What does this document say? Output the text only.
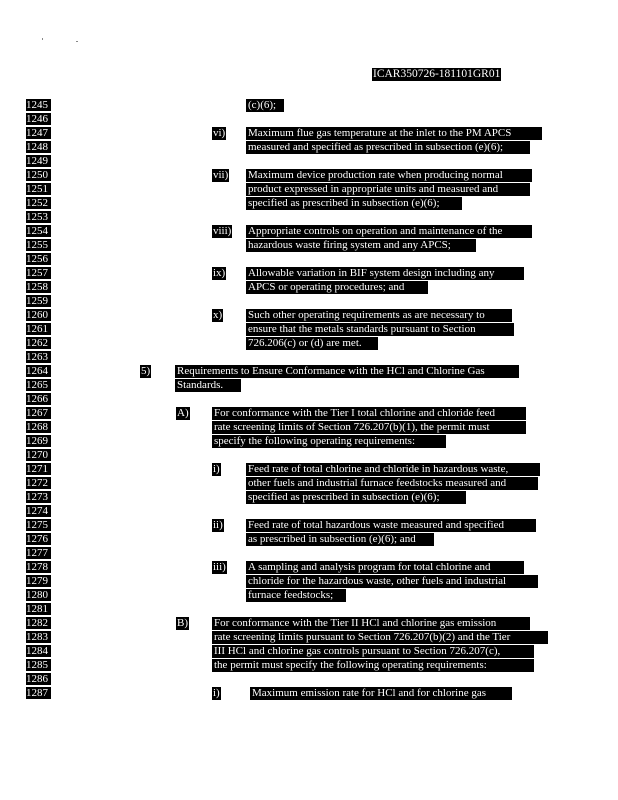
ICAR350726-181101GR01
1245
1246
1247
1248
1249
1250
1251
1252
1253
1254
1255
1256
1257
1258
1259
1260
1261
1262
1263
1264
1265
1266
1267
1268
1269
1270
1271
1272
1273
1274
1275
1276
1277
1278
1279
1280
1281
1282
1283
1284
1285
1286
1287
(c)(6);
vi) Maximum flue gas temperature at the inlet to the PM APCS
measured and specified as prescribed in subsection (e)(6);
vii) Maximum device production rate when producing normal
product expressed in appropriate units and measured and
specified as prescribed in subsection (e)(6);
viii) Appropriate controls on operation and maintenance of the
hazardous waste firing system and any APCS;
ix) Allowable variation in BIF system design including any
APCS or operating procedures; and
x) Such other operating requirements as are necessary to
ensure that the metals standards pursuant to Section
726.206(c) or (d) are met.
5) Requirements to Ensure Conformance with the HCl and Chlorine Gas
Standards.
A) For conformance with the Tier I total chlorine and chloride feed
rate screening limits of Section 726.207(b)(1), the permit must
specify the following operating requirements:
i)	Feed rate of total chlorine and chloride in hazardous waste,
other fuels and industrial furnace feedstocks measured and
specified as prescribed in subsection (e)(6);
ii) Feed rate of total hazardous waste measured and specified
as prescribed in subsection (e)(6); and
iii) A sampling and analysis program for total chlorine and
chloride for the hazardous waste, other fuels and industrial
furnace feedstocks;
B) For conformance with the Tier II HCl and chlorine gas emission
rate screening limits pursuant to Section 726.207(b)(2) and the Tier
III HCl and chlorine gas controls pursuant to Section 726.207(c),
the permit must specify the following operating requirements:
i)	Maximum emission rate for HCl and for chlorine gas
